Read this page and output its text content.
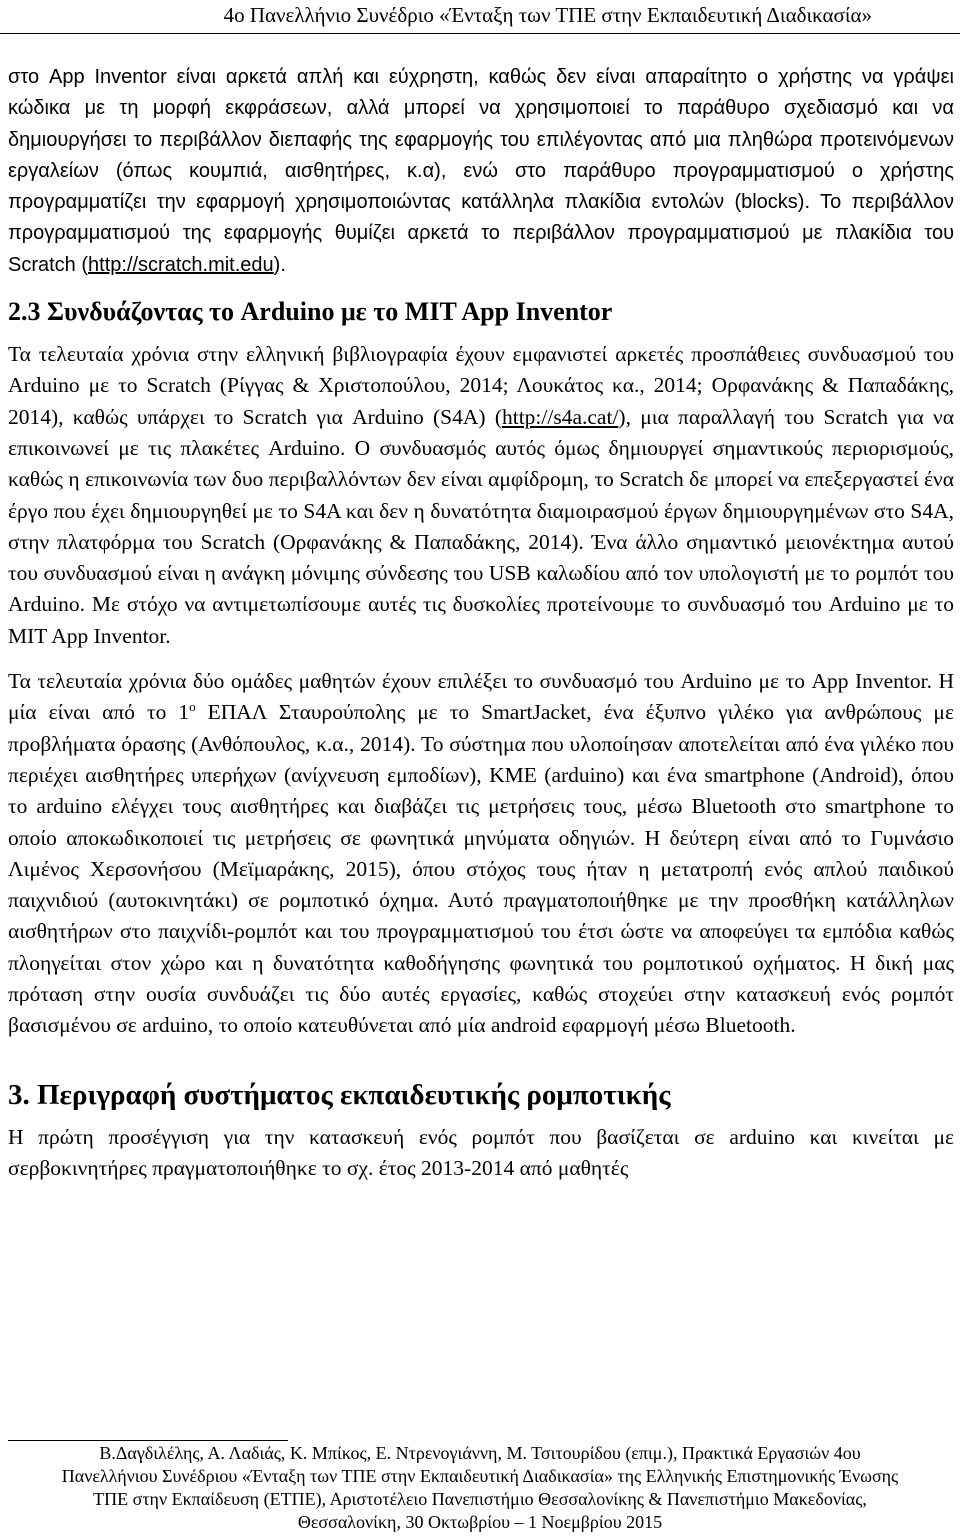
4ο Πανελλήνιο Συνέδριο «Ένταξη των ΤΠΕ στην Εκπαιδευτική Διαδικασία»

στο App Inventor είναι αρκετά απλή και εύχρηστη, καθώς δεν είναι απαραίτητο ο χρήστης να γράψει κώδικα με τη μορφή εκφράσεων, αλλά μπορεί να χρησιμοποιεί το παράθυρο σχεδιασμό και να δημιουργήσει το περιβάλλον διεπαφής της εφαρμογής του επιλέγοντας από μια πληθώρα προτεινόμενων εργαλείων (όπως κουμπιά, αισθητήρες, κ.α), ενώ στο παράθυρο προγραμματισμού ο χρήστης προγραμματίζει την εφαρμογή χρησιμοποιώντας κατάλληλα πλακίδια εντολών (blocks). Το περιβάλλον προγραμματισμού της εφαρμογής θυμίζει αρκετά το περιβάλλον προγραμματισμού με πλακίδια του Scratch (http://scratch.mit.edu).

2.3 Συνδυάζοντας το Arduino με το MIT App Inventor

Τα τελευταία χρόνια στην ελληνική βιβλιογραφία έχουν εμφανιστεί αρκετές προσπάθειες συνδυασμού του Arduino με το Scratch (Ρίγγας & Χριστοπούλου, 2014; Λουκάτος κα., 2014; Ορφανάκης & Παπαδάκης, 2014), καθώς υπάρχει το Scratch για Arduino (S4A) (http://s4a.cat/), μια παραλλαγή του Scratch για να επικοινωνεί με τις πλακέτες Arduino. Ο συνδυασμός αυτός όμως δημιουργεί σημαντικούς περιορισμούς, καθώς η επικοινωνία των δυο περιβαλλόντων δεν είναι αμφίδρομη, το Scratch δε μπορεί να επεξεργαστεί ένα έργο που έχει δημιουργηθεί με το S4A και δεν η δυνατότητα διαμοιρασμού έργων δημιουργημένων στο S4A, στην πλατφόρμα του Scratch (Ορφανάκης & Παπαδάκης, 2014). Ένα άλλο σημαντικό μειονέκτημα αυτού του συνδυασμού είναι η ανάγκη μόνιμης σύνδεσης του USB καλωδίου από τον υπολογιστή με το ρομπότ του Arduino. Με στόχο να αντιμετωπίσουμε αυτές τις δυσκολίες προτείνουμε το συνδυασμό του Arduino με το MIT App Inventor.

Τα τελευταία χρόνια δύο ομάδες μαθητών έχουν επιλέξει το συνδυασμό του Arduino με το App Inventor. Η μία είναι από το $1^o$ ΕΠΑΛ Σταυρούπολης με το SmartJacket, ένα έξυπνο γιλέκο για ανθρώπους με προβλήματα όρασης (Ανθόπουλος, κ.α., 2014). Το σύστημα που υλοποίησαν αποτελείται από ένα γιλέκο που περιέχει αισθητήρες υπερήχων (ανίχνευση εμποδίων), ΚΜΕ (arduino) και ένα smartphone (Android), όπου το arduino ελέγχει τους αισθητήρες και διαβάζει τις μετρήσεις τους, μέσω Bluetooth στο smartphone το οποίο αποκωδικοποιεί τις μετρήσεις σε φωνητικά μηνύματα οδηγιών. Η δεύτερη είναι από το Γυμνάσιο Λιμένος Χερσονήσου (Μεϊμαράκης, 2015), όπου στόχος τους ήταν η μετατροπή ενός απλού παιδικού παιχνιδιού (αυτοκινητάκι) σε ρομποτικό όχημα. Αυτό πραγματοποιήθηκε με την προσθήκη κατάλληλων αισθητήρων στο παιχνίδι-ρομπότ και του προγραμματισμού του έτσι ώστε να αποφεύγει τα εμπόδια καθώς πλοηγείται στον χώρο και η δυνατότητα καθοδήγησης φωνητικά του ρομποτικού οχήματος. Η δική μας πρόταση στην ουσία συνδυάζει τις δύο αυτές εργασίες, καθώς στοχεύει στην κατασκευή ενός ρομπότ βασισμένου σε arduino, το οποίο κατευθύνεται από μία android εφαρμογή μέσω Bluetooth.

3. Περιγραφή συστήματος εκπαιδευτικής ρομποτικής

Η πρώτη προσέγγιση για την κατασκευή ενός ρομπότ που βασίζεται σε arduino και κινείται με σερβοκινητήρες πραγματοποιήθηκε το σχ. έτος 2013-2014 από μαθητές

Β.Δαγδιλέλης, Α. Λαδιάς, Κ. Μπίκος, Ε. Ντρενογιάννη, Μ. Τσιτουρίδου (επιμ.), Πρακτικά Εργασιών 4ου
Πανελλήνιου Συνέδριου «Ένταξη των ΤΠΕ στην Εκπαιδευτική Διαδικασία» της Ελληνικής Επιστημονικής Ένωσης
ΤΠΕ στην Εκπαίδευση (ΕΤΠΕ), Αριστοτέλειο Πανεπιστήμιο Θεσσαλονίκης & Πανεπιστήμιο Μακεδονίας,
Θεσσαλονίκη, 30 Οκτωβρίου – 1 Νοεμβρίου 2015
